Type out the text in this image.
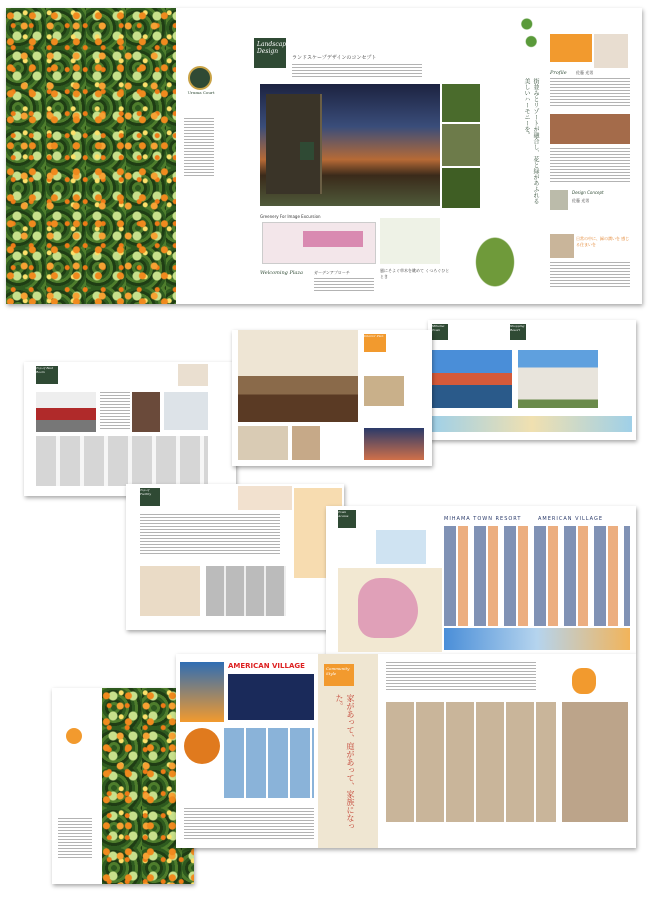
Uruma Court
Landscape
Design
ランドスケープデザインのコンセプト
街並みとリゾートが融合し、花と緑があふれる美しいハーモニーを。
Greenery For Image Excursion
Welcoming Plaza	ガーデンアプローチ	風にそよぐ草木を眺めて くつろぐひととき
Profile 佐藤 光男
Design Concept
佐藤 光男
日常の中に、緑の潤いを 感じる住まいを
Mihama Town
Shopping Resort
Top of Best Room
Interior Plan
Top of Facility
Town Access	MIHAMA TOWN RESORT	AMERICAN VILLAGE
AMERICAN VILLAGE	Community
Style
家があって、庭があって、家族になった。
